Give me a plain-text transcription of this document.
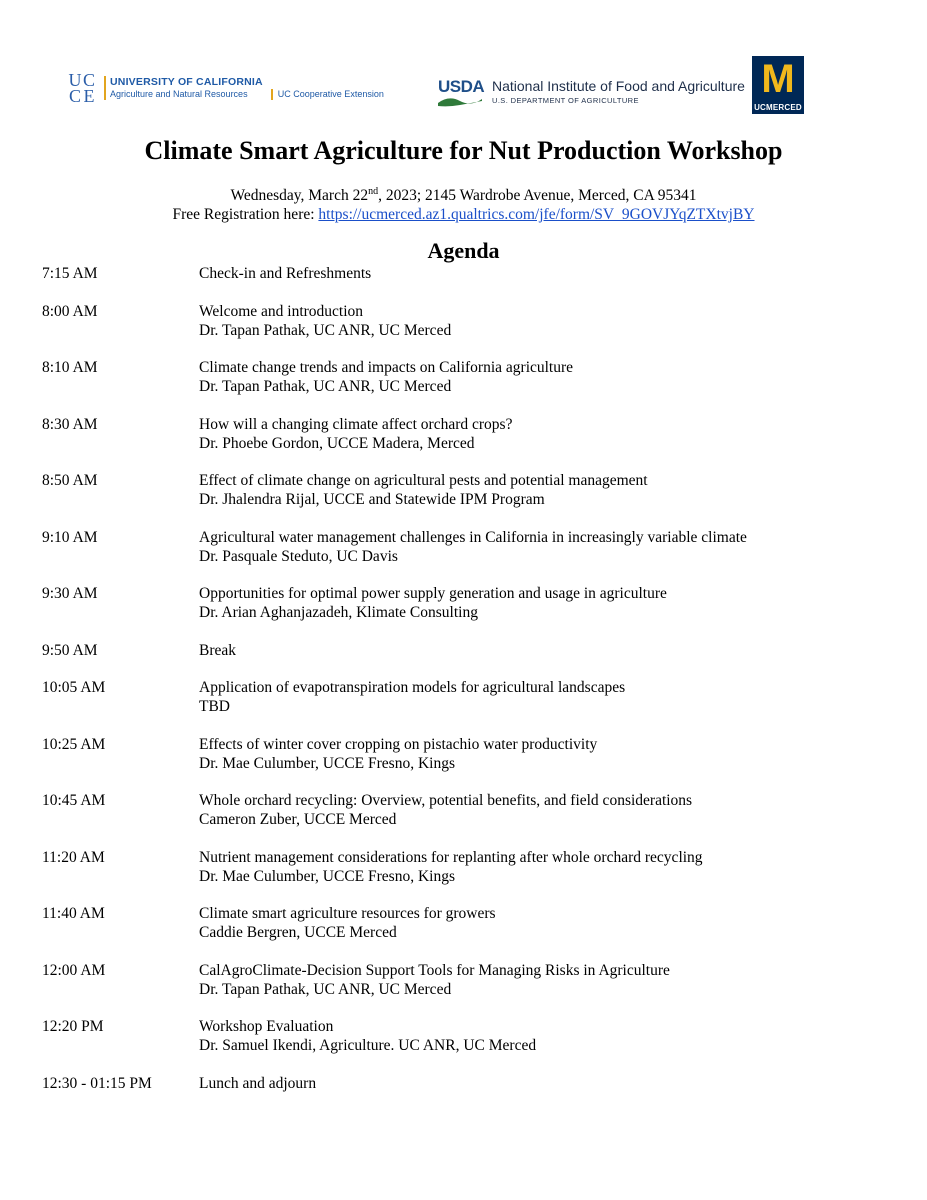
U C
C E
UNIVERSITY OF CALIFORNIA
Agriculture and Natural Resources	UC Cooperative Extension	USDA National Institute of Food and Agriculture
U.S. DEPARTMENT OF AGRICULTURE	M
UCMERCED
Climate Smart Agriculture for Nut Production Workshop
Wednesday, March 22nd, 2023; 2145 Wardrobe Avenue, Merced, CA 95341
Free Registration here: https://ucmerced.az1.qualtrics.com/jfe/form/SV_9GOVJYqZTXtvjBY
Agenda
7:15 AM	Check-in and Refreshments
8:00 AM	Welcome and introduction
Dr. Tapan Pathak, UC ANR, UC Merced
8:10 AM	Climate change trends and impacts on California agriculture
Dr. Tapan Pathak, UC ANR, UC Merced
8:30 AM	How will a changing climate affect orchard crops?
Dr. Phoebe Gordon, UCCE Madera, Merced
8:50 AM	Effect of climate change on agricultural pests and potential management
Dr. Jhalendra Rijal, UCCE and Statewide IPM Program
9:10 AM	Agricultural water management challenges in California in increasingly variable climate
Dr. Pasquale Steduto, UC Davis
9:30 AM	Opportunities for optimal power supply generation and usage in agriculture
Dr. Arian Aghanjazadeh, Klimate Consulting
9:50 AM	Break
10:05 AM	Application of evapotranspiration models for agricultural landscapes
TBD
10:25 AM	Effects of winter cover cropping on pistachio water productivity
Dr. Mae Culumber, UCCE Fresno, Kings
10:45 AM	Whole orchard recycling: Overview, potential benefits, and field considerations
Cameron Zuber, UCCE Merced
11:20 AM	Nutrient management considerations for replanting after whole orchard recycling
Dr. Mae Culumber, UCCE Fresno, Kings
11:40 AM	Climate smart agriculture resources for growers
Caddie Bergren, UCCE Merced
12:00 AM	CalAgroClimate-Decision Support Tools for Managing Risks in Agriculture
Dr. Tapan Pathak, UC ANR, UC Merced
12:20 PM	Workshop Evaluation
Dr. Samuel Ikendi, Agriculture. UC ANR, UC Merced
12:30 - 01:15 PM	Lunch and adjourn
